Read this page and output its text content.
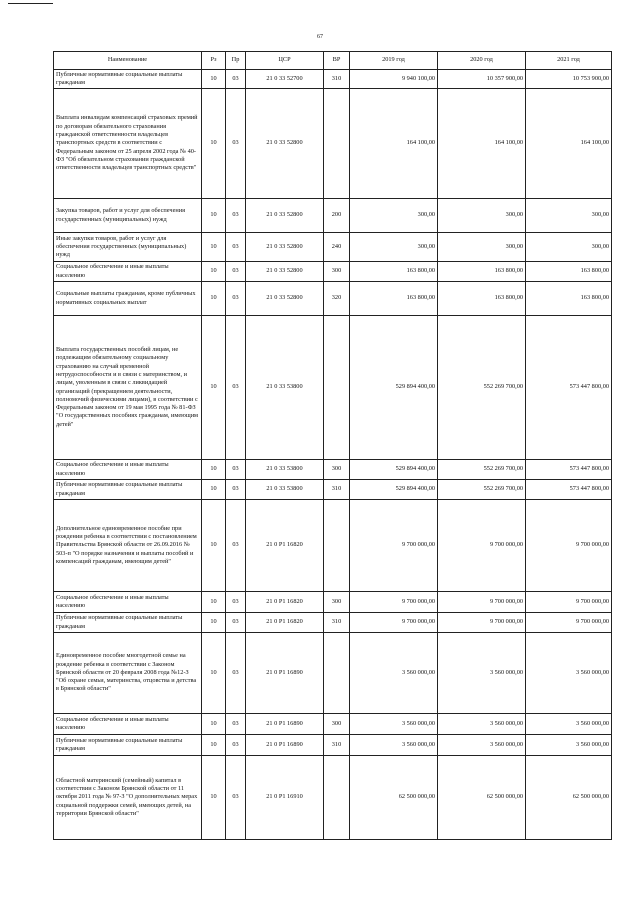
67
Наименование	Рз	Пр	ЦСР	ВР	2019 год	2020 год	2021 год
Публичные нормативные социальные выплаты гражданам	10	03	21 0 33 52700	310	9 940 100,00	10 357 900,00	10 753 900,00
Выплата инвалидам компенсаций страховых премий по договорам обязательного страхования гражданской ответственности владельцев транспортных средств в соответствии с Федеральным законом от 25 апреля 2002 года № 40-ФЗ "Об обязательном страховании гражданской ответственности владельцев транспортных средств"	10	03	21 0 33 52800		164 100,00	164 100,00	164 100,00
Закупка товаров, работ и услуг для обеспечения государственных (муниципальных) нужд	10	03	21 0 33 52800	200	300,00	300,00	300,00
Иные закупки товаров, работ и услуг для обеспечения государственных (муниципальных) нужд	10	03	21 0 33 52800	240	300,00	300,00	300,00
Социальное обеспечение и иные выплаты населению	10	03	21 0 33 52800	300	163 800,00	163 800,00	163 800,00
Социальные выплаты гражданам, кроме публичных нормативных социальных выплат	10	03	21 0 33 52800	320	163 800,00	163 800,00	163 800,00
Выплата государственных пособий лицам, не подлежащим обязательному социальному страхованию на случай временной нетрудоспособности и в связи с материнством, и лицам, уволенным в связи с ликвидацией организаций (прекращением деятельности, полномочий физическими лицами), в соответствии с Федеральным законом от 19 мая 1995 года № 81-ФЗ "О государственных пособиях гражданам, имеющим детей"	10	03	21 0 33 53800		529 894 400,00	552 269 700,00	573 447 800,00
Социальное обеспечение и иные выплаты населению	10	03	21 0 33 53800	300	529 894 400,00	552 269 700,00	573 447 800,00
Публичные нормативные социальные выплаты гражданам	10	03	21 0 33 53800	310	529 894 400,00	552 269 700,00	573 447 800,00
Дополнительное единовременное пособие при рождении ребенка в соответствии с постановлением Правительства Брянской области от 26.09.2016 № 503-п "О порядке назначения и выплаты пособий и компенсаций гражданам, имеющим детей"	10	03	21 0 P1 16820		9 700 000,00	9 700 000,00	9 700 000,00
Социальное обеспечение и иные выплаты населению	10	03	21 0 P1 16820	300	9 700 000,00	9 700 000,00	9 700 000,00
Публичные нормативные социальные выплаты гражданам	10	03	21 0 P1 16820	310	9 700 000,00	9 700 000,00	9 700 000,00
Единовременное пособие многодетной семье на рождение ребенка в соответствии с Законом Брянской области от 20 февраля 2008 года №12-З "Об охране семьи, материнства, отцовства и детства в Брянской области"	10	03	21 0 P1 16890		3 560 000,00	3 560 000,00	3 560 000,00
Социальное обеспечение и иные выплаты населению	10	03	21 0 P1 16890	300	3 560 000,00	3 560 000,00	3 560 000,00
Публичные нормативные социальные выплаты гражданам	10	03	21 0 P1 16890	310	3 560 000,00	3 560 000,00	3 560 000,00
Областной материнский (семейный) капитал в соответствии с Законом Брянской области от 11 октября 2011 года № 97-З "О дополнительных мерах социальной поддержки семей, имеющих детей, на территории Брянской области"	10	03	21 0 P1 16910		62 500 000,00	62 500 000,00	62 500 000,00
